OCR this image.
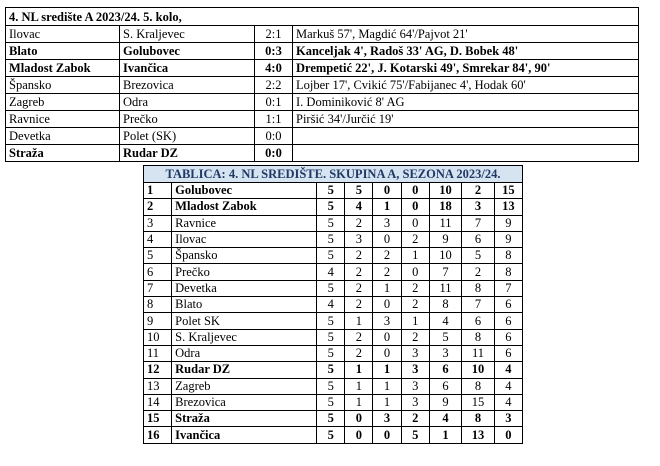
4. NL središte A 2023/24. 5. kolo,			
Ilovac	S. Kraljevec	2:1	Markuš 57', Magdić 64'/Pajvot 21'
Blato	Golubovec	0:3	Kanceljak 4', Radoš 33' AG, D. Bobek 48'
Mladost Zabok	Ivančica	4:0	Drempetić 22', J. Kotarski 49', Smrekar 84', 90'
Špansko	Brezovica	2:2	Lojber 17', Cvikić 75'/Fabijanec 4', Hodak 60'
Zagreb	Odra	0:1	I. Dominiković 8' AG
Ravnice	Prečko	1:1	Piršić 34'/Jurčić 19'
Devetka	Polet (SK)	0:0	
Straža	Rudar DZ	0:0	
TABLICA: 4. NL SREDIŠTE. SKUPINA A, SEZONA 2023/24.								
1	Golubovec	5	5	0	0	10	2	15
2	Mladost Zabok	5	4	1	0	18	3	13
3	Ravnice	5	2	3	0	11	7	9
4	Ilovac	5	3	0	2	9	6	9
5	Špansko	5	2	2	1	10	5	8
6	Prečko	4	2	2	0	7	2	8
7	Devetka	5	2	1	2	11	8	7
8	Blato	4	2	0	2	8	7	6
9	Polet SK	5	1	3	1	4	6	6
10	S. Kraljevec	5	2	0	2	5	8	6
11	Odra	5	2	0	3	3	11	6
12	Rudar DZ	5	1	1	3	6	10	4
13	Zagreb	5	1	1	3	6	8	4
14	Brezovica	5	1	1	3	9	15	4
15	Straža	5	0	3	2	4	8	3
16	Ivančica	5	0	0	5	1	13	0
